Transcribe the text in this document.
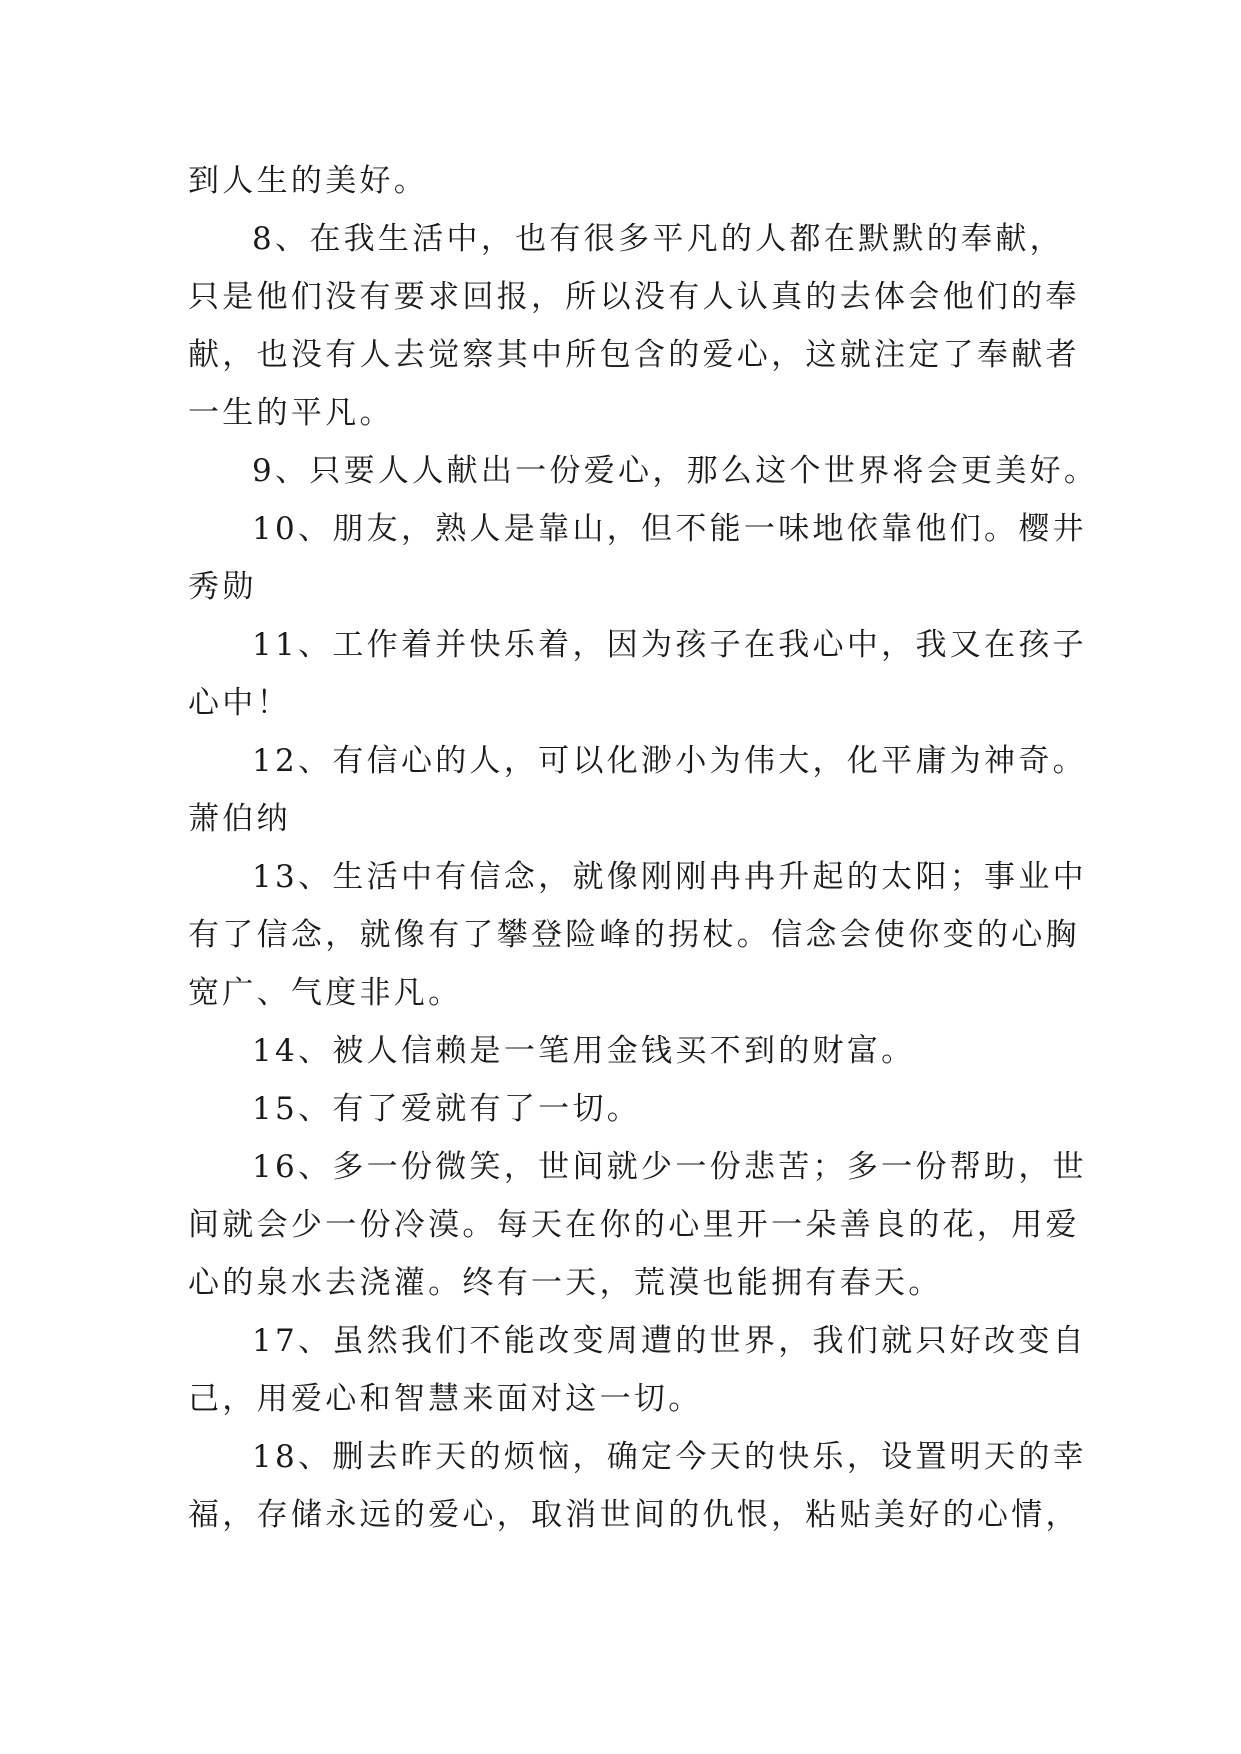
到人生的美好。
8、在我生活中，也有很多平凡的人都在默默的奉献，
只是他们没有要求回报，所以没有人认真的去体会他们的奉
献，也没有人去觉察其中所包含的爱心，这就注定了奉献者
一生的平凡。
9、只要人人献出一份爱心，那么这个世界将会更美好。
10、朋友，熟人是靠山，但不能一味地依靠他们。樱井
秀勋
11、工作着并快乐着，因为孩子在我心中，我又在孩子
心中！
12、有信心的人，可以化渺小为伟大，化平庸为神奇。
萧伯纳
13、生活中有信念，就像刚刚冉冉升起的太阳；事业中
有了信念，就像有了攀登险峰的拐杖。信念会使你变的心胸
宽广、气度非凡。
14、被人信赖是一笔用金钱买不到的财富。
15、有了爱就有了一切。
16、多一份微笑，世间就少一份悲苦；多一份帮助，世
间就会少一份冷漠。每天在你的心里开一朵善良的花，用爱
心的泉水去浇灌。终有一天，荒漠也能拥有春天。
17、虽然我们不能改变周遭的世界，我们就只好改变自
己，用爱心和智慧来面对这一切。
18、删去昨天的烦恼，确定今天的快乐，设置明天的幸
福，存储永远的爱心，取消世间的仇恨，粘贴美好的心情，
